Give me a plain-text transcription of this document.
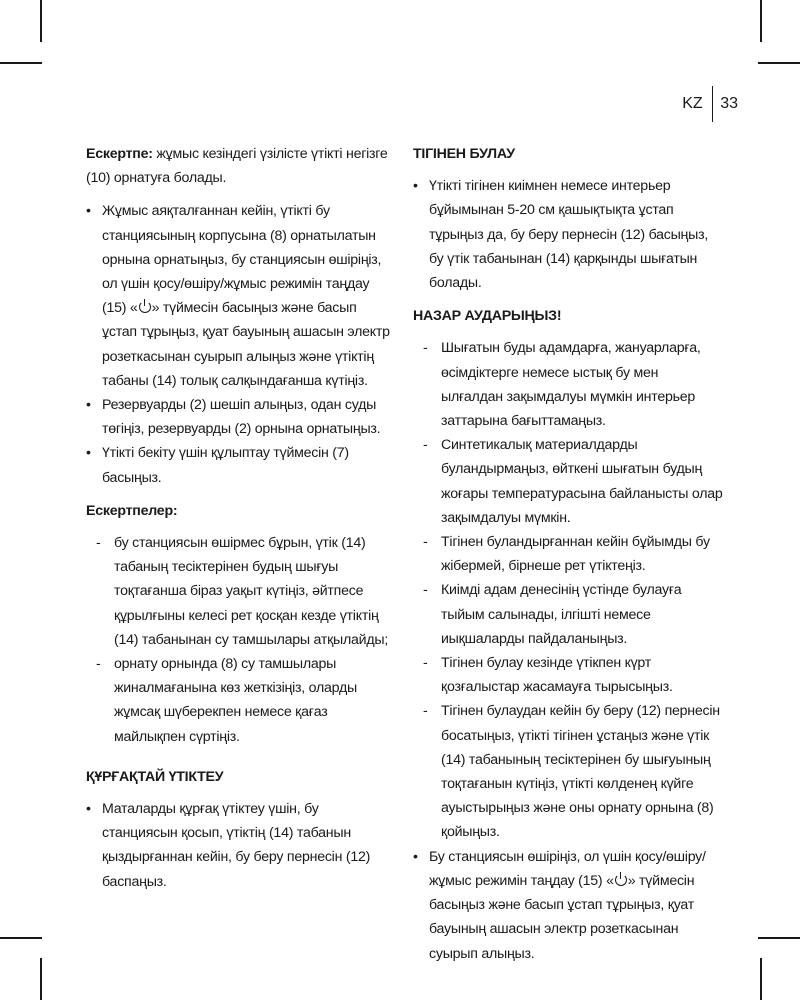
KZ	33

Ескертпе: жұмыс кезіндегі үзілісте үтікті негізге (10) орнатуға болады.

• Жұмыс аяқталғаннан кейін, үтікті бу станциясының корпусына (8) орнатылатын орнына орнатыңыз, бу станциясын өшіріңіз, ол үшін қосу/өшіру/жұмыс режимін таңдау (15) « » түймесін басыңыз және басып ұстап тұрыңыз, қуат бауының ашасын электр розеткасынан суырып алыңыз және үтіктің табаны (14) толық салқындағанша күтіңіз.
• Резервуарды (2) шешіп алыңыз, одан суды төгіңіз, резервуарды (2) орнына орнатыңыз.
• Үтікті бекіту үшін құлыптау түймесін (7) басыңыз.

Ескертпелер:

- бу станциясын өшірмес бұрын, үтік (14) табаның тесіктерінен будың шығуы тоқтағанша біраз уақыт күтіңіз, әйтпесе құрылғыны келесі рет қосқан кезде үтіктің (14) табанынан су тамшылары атқылайды;
- орнату орнында (8) су тамшылары жиналмағанына көз жеткізіңіз, оларды жұмсақ шүберекпен немесе қағаз майлықпен сүртіңіз.

ҚҰРҒАҚТАЙ ҮТІКТЕУ

• Маталарды құрғақ үтіктеу үшін, бу станциясын қосып, үтіктің (14) табанын қыздырғаннан кейін, бу беру пернесін (12) баспаңыз.

ТІГІНЕН БУЛАУ

• Үтікті тігінен киімнен немесе интерьер бұйымынан 5-20 см қашықтықта ұстап тұрыңыз да, бу беру пернесін (12) басыңыз, бу үтік табанынан (14) қарқынды шығатын болады.

НАЗАР АУДАРЫҢЫЗ!

- Шығатын буды адамдарға, жануарларға, өсімдіктерге немесе ыстық бу мен ылғалдан зақымдалуы мүмкін интерьер заттарына бағыттамаңыз.
- Синтетикалық материалдарды буландырмаңыз, өйткені шығатын будың жоғары температурасына байланысты олар зақымдалуы мүмкін.
- Тігінен буландырғаннан кейін бұйымды бу жібермей, бірнеше рет үтіктеңіз.
- Киімді адам денесінің үстінде булауға тыйым салынады, ілгішті немесе иықшаларды пайдаланыңыз.
- Тігінен булау кезінде үтікпен күрт қозғалыстар жасамауға тырысыңыз.
- Тігінен булаудан кейін бу беру (12) пернесін босатыңыз, үтікті тігінен ұстаңыз және үтік (14) табанының тесіктерінен бу шығуының тоқтағанын күтіңіз, үтікті көлденең күйге ауыстырыңыз және оны орнату орнына (8) қойыңыз.
• Бу станциясын өшіріңіз, ол үшін қосу/өшіру/жұмыс режимін таңдау (15) « » түймесін басыңыз және басып ұстап тұрыңыз, қуат бауының ашасын электр розеткасынан суырып алыңыз.
